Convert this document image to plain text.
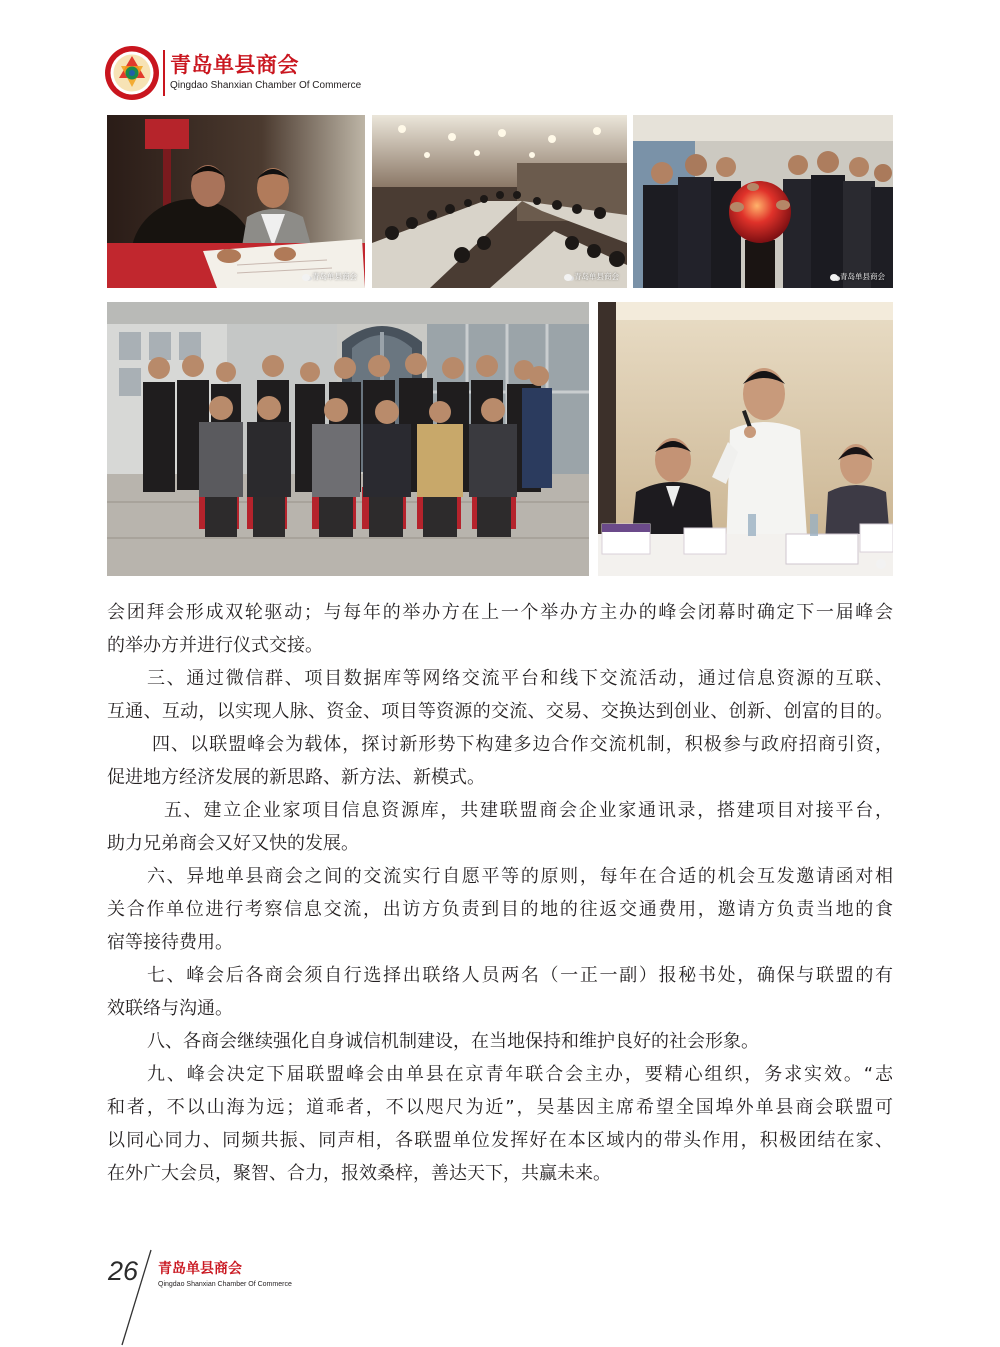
青岛单县商会
Qingdao Shanxian Chamber Of Commerce
青岛单县商会	青岛单县商会	青岛单县商会
会团拜会形成双轮驱动；与每年的举办方在上一个举办方主办的峰会闭幕时确定下一届峰会
的举办方并进行仪式交接。
三、通过微信群、项目数据库等网络交流平台和线下交流活动，通过信息资源的互联、
互通、互动，以实现人脉、资金、项目等资源的交流、交易、交换达到创业、创新、创富的目的。
四、以联盟峰会为载体，探讨新形势下构建多边合作交流机制，积极参与政府招商引资，
促进地方经济发展的新思路、新方法、新模式。
五、建立企业家项目信息资源库，共建联盟商会企业家通讯录，搭建项目对接平台，
助力兄弟商会又好又快的发展。
六、异地单县商会之间的交流实行自愿平等的原则，每年在合适的机会互发邀请函对相
关合作单位进行考察信息交流，出访方负责到目的地的往返交通费用，邀请方负责当地的食
宿等接待费用。
七、峰会后各商会须自行选择出联络人员两名（一正一副）报秘书处，确保与联盟的有
效联络与沟通。
八、各商会继续强化自身诚信机制建设，在当地保持和维护良好的社会形象。
九、峰会决定下届联盟峰会由单县在京青年联合会主办，要精心组织，务求实效。“志
和者，不以山海为远；道乖者，不以咫尺为近”，吴基因主席希望全国埠外单县商会联盟可
以同心同力、同频共振、同声相，各联盟单位发挥好在本区域内的带头作用，积极团结在家、
在外广大会员，聚智、合力，报效桑梓，善达天下，共赢未来。
26 青岛单县商会
Qingdao Shanxian Chamber Of Commerce
